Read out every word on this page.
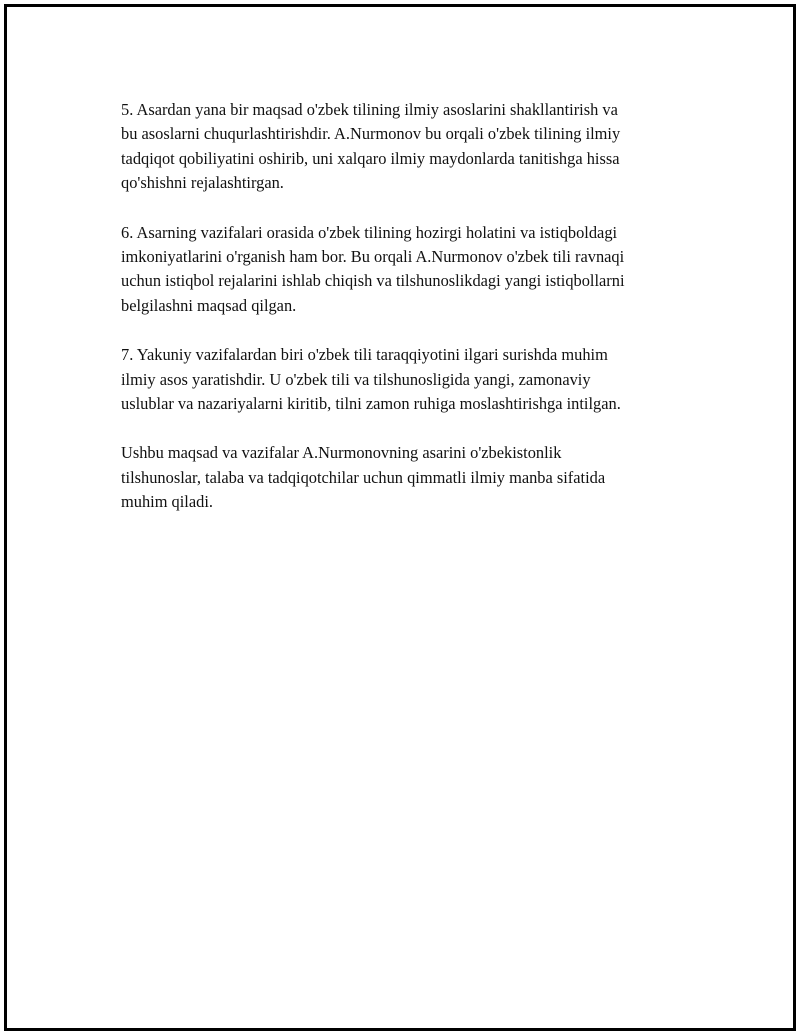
5. Asardan yana bir maqsad o'zbek tilining ilmiy asoslarini shakllantirish va
bu asoslarni chuqurlashtirishdir. A.Nurmonov bu orqali o'zbek tilining ilmiy
tadqiqot qobiliyatini oshirib, uni xalqaro ilmiy maydonlarda tanitishga hissa
qo'shishni rejalashtirgan.

6. Asarning vazifalari orasida o'zbek tilining hozirgi holatini va istiqboldagi
imkoniyatlarini o'rganish ham bor. Bu orqali A.Nurmonov o'zbek tili ravnaqi
uchun istiqbol rejalarini ishlab chiqish va tilshunoslikdagi yangi istiqbollarni
belgilashni maqsad qilgan.

7. Yakuniy vazifalardan biri o'zbek tili taraqqiyotini ilgari surishda muhim
ilmiy asos yaratishdir. U o'zbek tili va tilshunosligida yangi, zamonaviy
uslublar va nazariyalarni kiritib, tilni zamon ruhiga moslashtirishga intilgan.

Ushbu maqsad va vazifalar A.Nurmonovning asarini o'zbekistonlik
tilshunoslar, talaba va tadqiqotchilar uchun qimmatli ilmiy manba sifatida
muhim qiladi.
